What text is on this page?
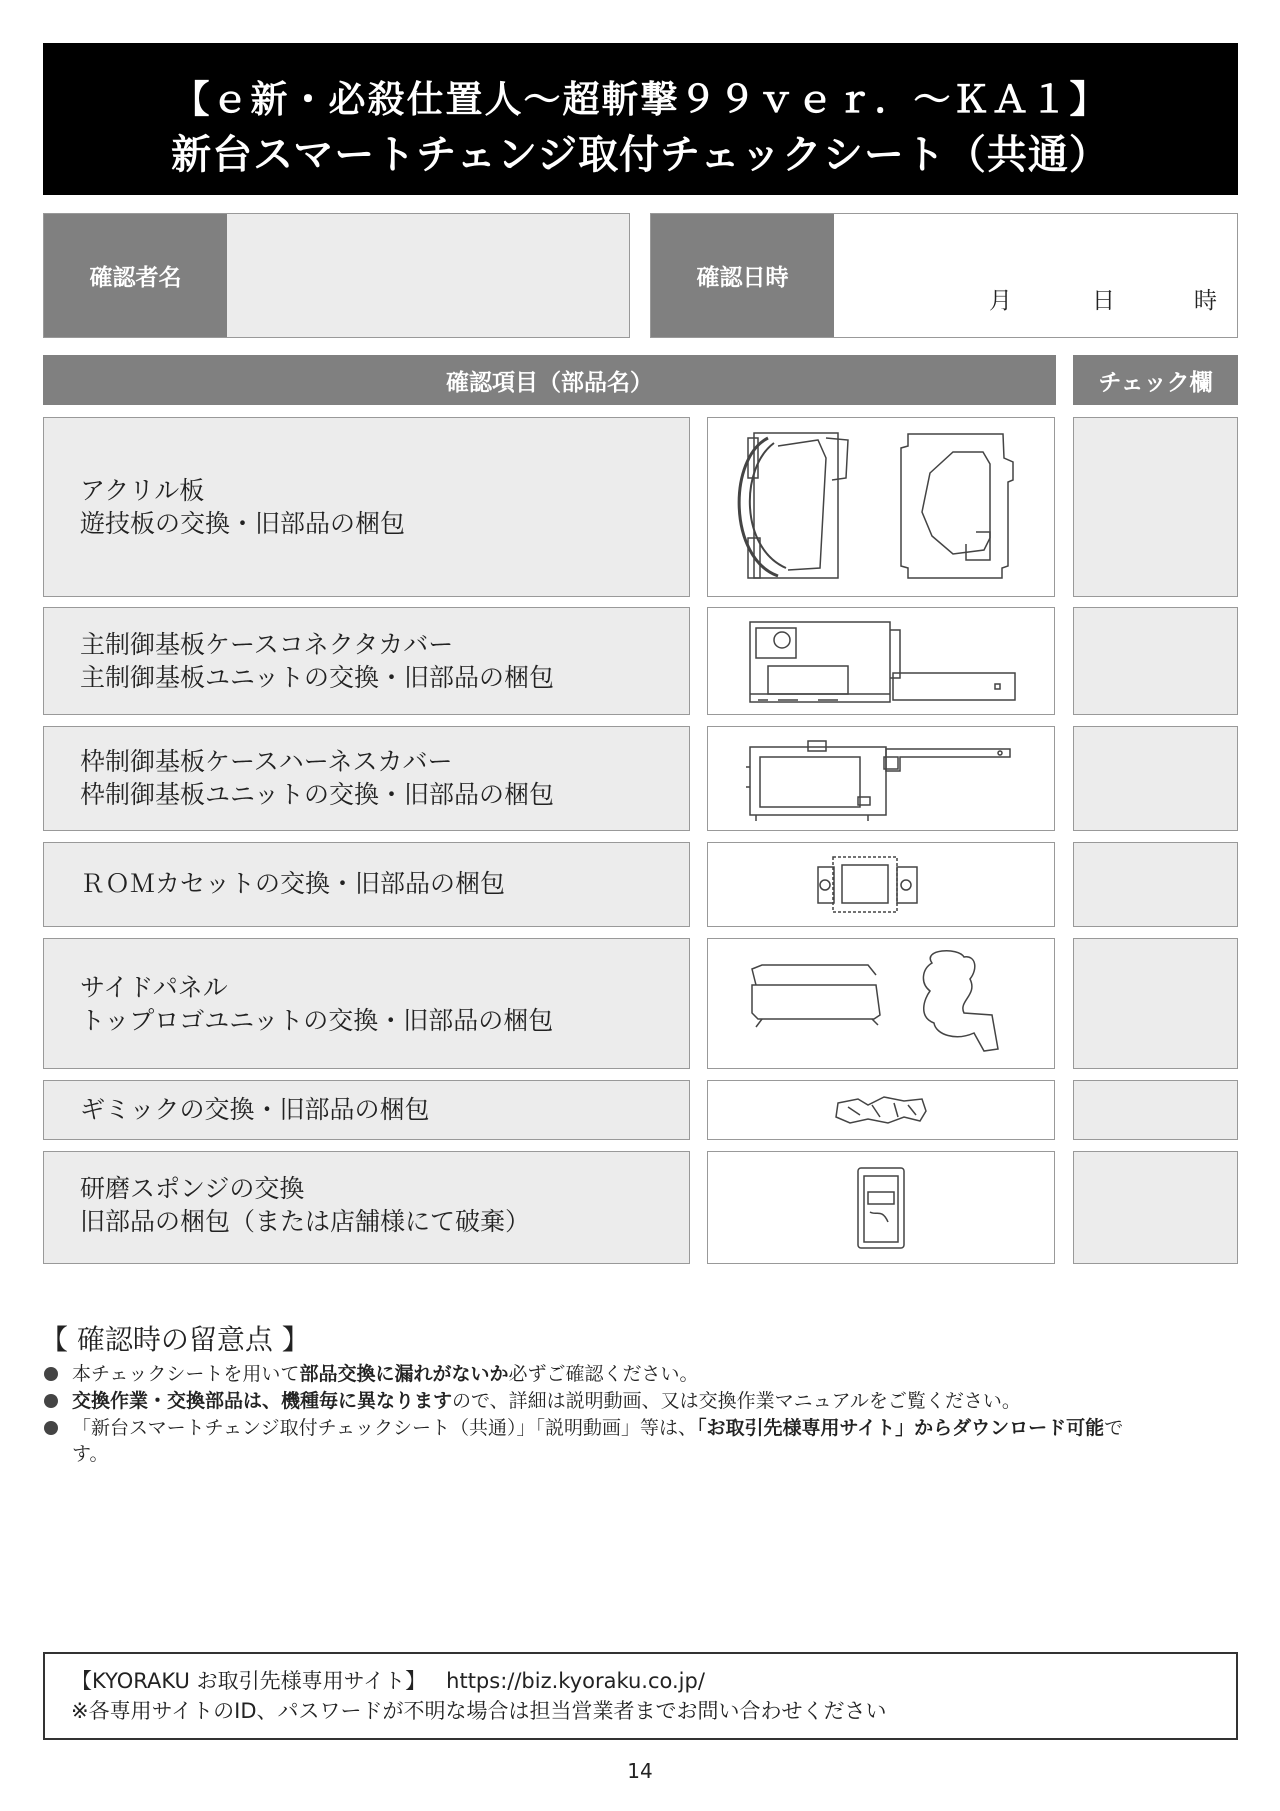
【ｅ新・必殺仕置人〜超斬撃９９ｖｅｒ．〜ＫＡ１】
新台スマートチェンジ取付チェックシート（共通）
確認者名	確認日時
月	日	時
確認項目（部品名）	チェック欄
アクリル板
遊技板の交換・旧部品の梱包
主制御基板ケースコネクタカバー
主制御基板ユニットの交換・旧部品の梱包
枠制御基板ケースハーネスカバー
枠制御基板ユニットの交換・旧部品の梱包
ＲＯＭカセットの交換・旧部品の梱包
サイドパネル
トップロゴユニットの交換・旧部品の梱包
ギミックの交換・旧部品の梱包
研磨スポンジの交換
旧部品の梱包（または店舗様にて破棄）
【 確認時の留意点 】
本チェックシートを用いて部品交換に漏れがないか必ずご確認ください。
交換作業・交換部品は、機種毎に異なりますので、詳細は説明動画、又は交換作業マニュアルをご覧ください。
「新台スマートチェンジ取付チェックシート（共通）」「説明動画」等は、「お取引先様専用サイト」からダウンロード可能で
す。
【KYORAKU お取引先様専用サイト】 https://biz.kyoraku.co.jp/
※各専用サイトのID、パスワードが不明な場合は担当営業者までお問い合わせください
14
